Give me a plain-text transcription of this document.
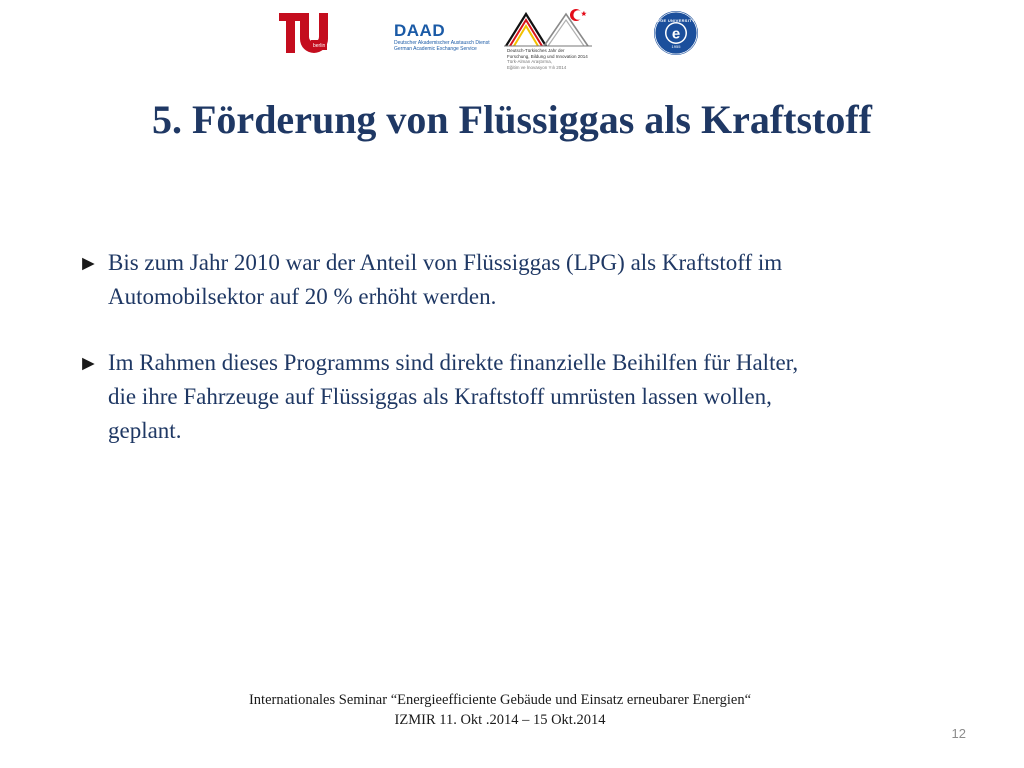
berlin
DAAD
Deutscher Akademischer Austausch Dienst
German Academic Exchange Service	Deutsch-Türkisches Jahr der
Forschung, Bildung und Innovation 2014
Türk-Alman Araştırma,
Eğitim ve İnovasyon Yılı 2014
e
EGE UNIVERSITY
1955
5. Förderung von Flüssiggas als Kraftstoff

► Bis zum Jahr 2010 war der Anteil von Flüssiggas (LPG) als Kraftstoff im
Automobilsektor auf 20 % erhöht werden.

► Im Rahmen dieses Programms sind direkte finanzielle Beihilfen für Halter,
die ihre Fahrzeuge auf Flüssiggas als Kraftstoff umrüsten lassen wollen,
geplant.

Internationales Seminar “Energieefficiente Gebäude und Einsatz erneubarer Energien“
IZMIR 11. Okt .2014 – 15 Okt.2014
12
